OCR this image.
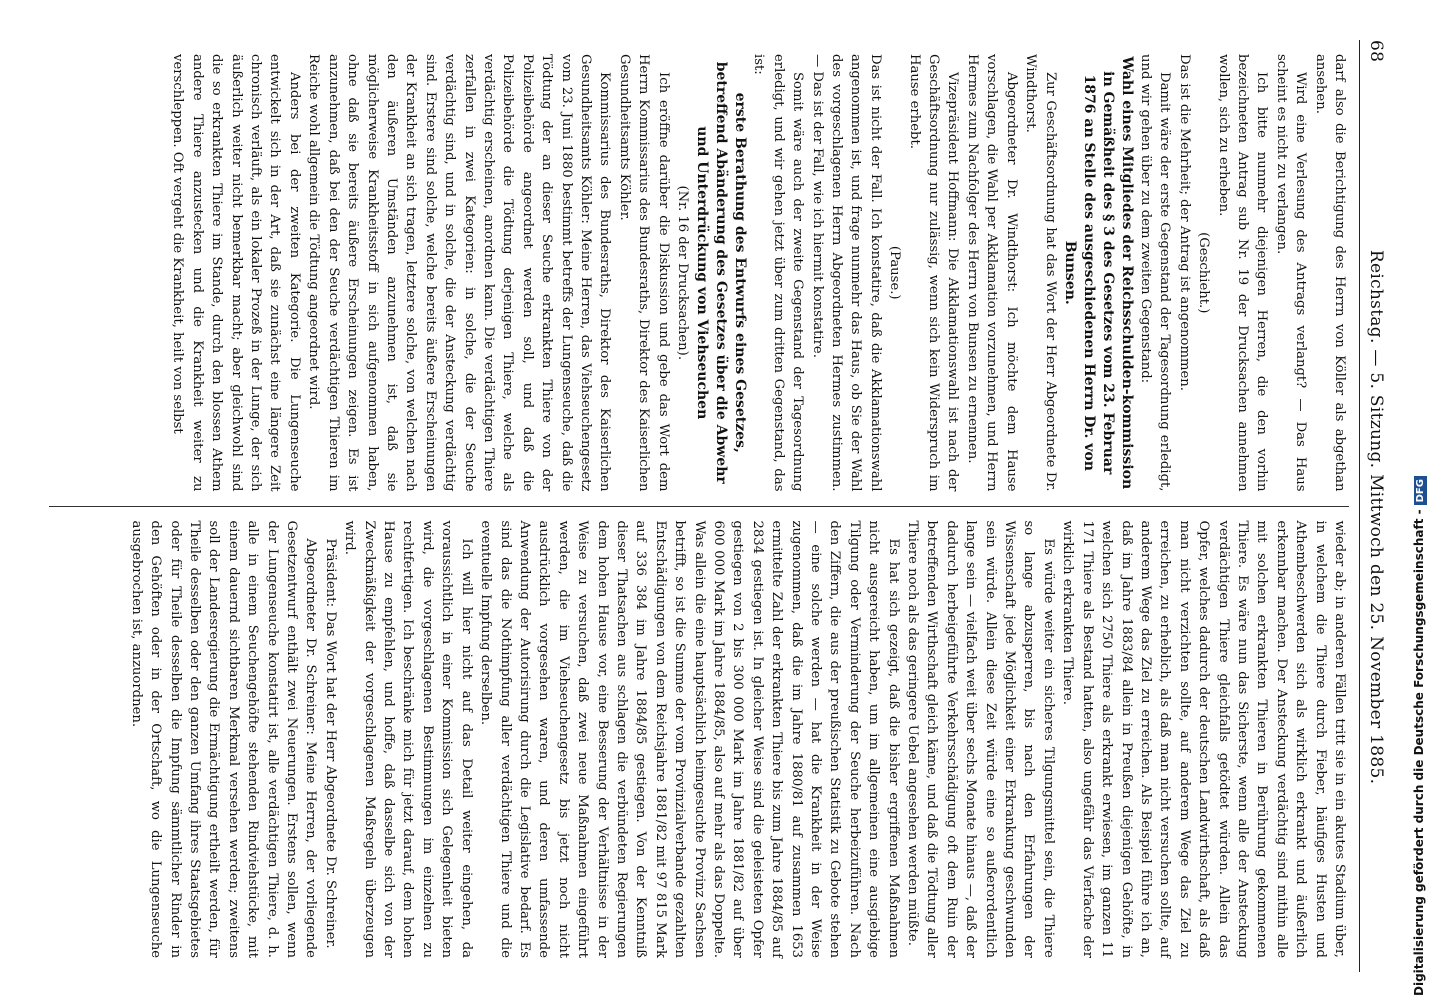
68
Reichstag. — 5. Sitzung. Mittwoch den 25. November 1885.

darf also die Berichtigung des Herrn von Köller als abgethan ansehen.

Wird eine Verlesung des Antrags verlangt? — Das Haus scheint es nicht zu verlangen.

Ich bitte nunmehr diejenigen Herren, die den vorhin bezeichneten Antrag sub Nr. 19 der Drucksachen annehmen wollen, sich zu erheben.

(Geschieht.)

Das ist die Mehrheit; der Antrag ist angenommen.

Damit wäre der erste Gegenstand der Tagesordnung erledigt, und wir gehen über zu dem zweiten Gegenstand:

Wahl eines Mitgliedes der Reichsschulden-kommission in Gemäßheit des § 3 des Gesetzes vom 23. Februar 1876 an Stelle des ausgeschiedenen Herrn Dr. von Bunsen.

Zur Geschäftsordnung hat das Wort der Herr Abgeordnete Dr. Windthorst.

Abgeordneter Dr. Windthorst: Ich möchte dem Hause vorschlagen, die Wahl per Akklamation vorzunehmen, und Herrn Hermes zum Nachfolger des Herrn von Bunsen zu ernennen.

Vizepräsident Hoffmann: Die Akklamationswahl ist nach der Geschäftsordnung nur zulässig, wenn sich kein Widerspruch im Hause erhebt.

(Pause.)

Das ist nicht der Fall. Ich konstatire, daß die Akklamationswahl angenommen ist, und frage nunmehr das Haus, ob Sie der Wahl des vorgeschlagenen Herrn Abgeordneten Hermes zustimmen. — Das ist der Fall, wie ich hiermit konstatire.

Somit wäre auch der zweite Gegenstand der Tagesordnung erledigt, und wir gehen jetzt über zum dritten Gegenstand, das ist:

erste Berathung des Entwurfs eines Gesetzes, betreffend Abänderung des Gesetzes über die Abwehr und Unterdrückung von Viehseuchen

(Nr. 16 der Drucksachen).

Ich eröffne darüber die Diskussion und gebe das Wort dem Herrn Kommissarius des Bundesraths, Direktor des Kaiserlichen Gesundheitsamts Köhler.

Kommissarius des Bundesraths, Direktor des Kaiserlichen Gesundheitsamts Köhler: Meine Herren, das Viehseuchengesetz vom 23. Juni 1880 bestimmt betreffs der Lungenseuche, daß die Tödtung der an dieser Seuche erkrankten Thiere von der Polizeibehörde angeordnet werden soll, und daß die Polizeibehörde die Tödtung derjenigen Thiere, welche als verdächtig erscheinen, anordnen kann. Die verdächtigen Thiere zerfallen in zwei Kategorien: in solche, die der Seuche verdächtig sind, und in solche, die der Ansteckung verdächtig sind. Erstere sind solche, welche bereits äußere Erscheinungen der Krankheit an sich tragen, letztere solche, von welchen nach den äußeren Umständen anzunehmen ist, daß sie möglicherweise Krankheitsstoff in sich aufgenommen haben, ohne daß sie bereits äußere Erscheinungen zeigen. Es ist anzunehmen, daß bei den der Seuche verdächtigen Thieren im Reiche wohl allgemein die Tödtung angeordnet wird.

Anders bei der zweiten Kategorie. Die Lungenseuche entwickelt sich in der Art, daß sie zunächst eine längere Zeit chronisch verläuft, als ein lokaler Prozeß in der Lunge, der sich äußerlich weiter nicht bemerkbar macht; aber gleichwohl sind die so erkrankten Thiere im Stande, durch den blossen Athem andere Thiere anzustecken und die Krankheit weiter zu verschleppen. Oft vergeht die Krankheit, heilt von selbst

wieder ab; in anderen Fällen tritt sie in ein akutes Stadium über, in welchem die Thiere durch Fieber, häufiges Husten und Athembeschwerden sich als wirklich erkrankt und äußerlich erkennbar machen. Der Ansteckung verdächtig sind mithin alle mit solchen erkrankten Thieren in Berührung gekommenen Thiere. Es wäre nun das Sicherste, wenn alle der Ansteckung verdächtigen Thiere gleichfalls getödtet würden. Allein das Opfer, welches dadurch der deutschen Landwirthschaft, als daß man nicht verzichten sollte, auf anderem Wege das Ziel zu erreichen, zu erheblich, als daß man nicht versuchen sollte, auf anderem Wege das Ziel zu erreichen. Als Beispiel führe ich an, daß im Jahre 1883/84 allein in Preußen diejenigen Gehöfte, in welchen sich 2750 Thiere als erkrankt erwiesen, im ganzen 11 171 Thiere als Bestand hatten, also ungefähr das Vierfache der wirklich erkrankten Thiere.

Es würde weiter ein sicheres Tilgungsmittel sein, die Thiere so lange abzusperren, bis nach den Erfahrungen der Wissenschaft jede Möglichkeit einer Erkrankung geschwunden sein würde. Allein diese Zeit würde eine so außerordentlich lange sein — vielfach weit über sechs Monate hinaus —, daß der dadurch herbeigeführte Verkehrsschädigung oft dem Ruin der betreffenden Wirthschaft gleich käme, und daß die Tödtung aller Thiere noch als das geringere Uebel angesehen werden müßte.

Es hat sich gezeigt, daß die bisher ergriffenen Maßnahmen nicht ausgereicht haben, um im allgemeinen eine ausgiebige Tilgung oder Verminderung der Seuche herbeizuführen. Nach den Ziffern, die aus der preußischen Statistik zu Gebote stehen — eine solche werden — hat die Krankheit in der Weise zugenommen, daß die im Jahre 1880/81 auf zusammen 1653 ermittelte Zahl der erkrankten Thiere bis zum Jahre 1884/85 auf 2834 gestiegen ist. In gleicher Weise sind die geleisteten Opfer gestiegen von 2 bis 300 000 Mark im Jahre 1881/82 auf über 600 000 Mark im Jahre 1884/85, also auf mehr als das Doppelte. Was allein die eine hauptsächlich heimgesuchte Provinz Sachsen betrifft, so ist die Summe der vom Provinzialverbande gezahlten Entschädigungen von dem Reichsjahre 1881/82 mit 97 815 Mark auf 336 384 im Jahre 1884/85 gestiegen. Von der Kenntniß dieser Thatsachen aus schlagen die verbündeten Regierungen dem hohen Hause vor, eine Besserung der Verhältnisse in der Weise zu versuchen, daß zwei neue Maßnahmen eingeführt werden, die im Viehseuchengesetz bis jetzt noch nicht ausdrücklich vorgesehen waren, und deren umfassende Anwendung der Autorisirung durch die Legislative bedarf. Es sind das die Nothimpfung aller verdächtigen Thiere und die eventuelle Impfung derselben.

Ich will hier nicht auf das Detail weiter eingehen, da voraussichtlich in einer Kommission sich Gelegenheit bieten wird, die vorgeschlagenen Bestimmungen im einzelnen zu rechtfertigen. Ich beschränke mich für jetzt darauf, dem hohen Hause zu empfehlen, und hoffe, daß dasselbe sich von der Zweckmäßigkeit der vorgeschlagenen Maßregeln überzeugen wird.

Präsident: Das Wort hat der Herr Abgeordnete Dr. Schreiner.

Abgeordneter Dr. Schreiner: Meine Herren, der vorliegende Gesetzentwurf enthält zwei Neuerungen. Erstens sollen, wenn der Lungenseuche konstatirt ist, alle verdächtigen Thiere, d. h. alle in einem Seuchengehöfte stehenden Rindviehstücke, mit einem dauernd sichtbaren Merkmal versehen werden; zweitens soll der Landesregierung die Ermächtigung ertheilt werden, für Theile desselben oder den ganzen Umfang ihres Staatsgebietes oder für Theile desselben die Impfung sämmtlicher Rinder in den Gehöften oder in der Ortschaft, wo die Lungenseuche ausgebrochen ist, anzuordnen.	Digitalisierung gefördert durch die Deutsche Forschungsgemeinschaft -DFG
